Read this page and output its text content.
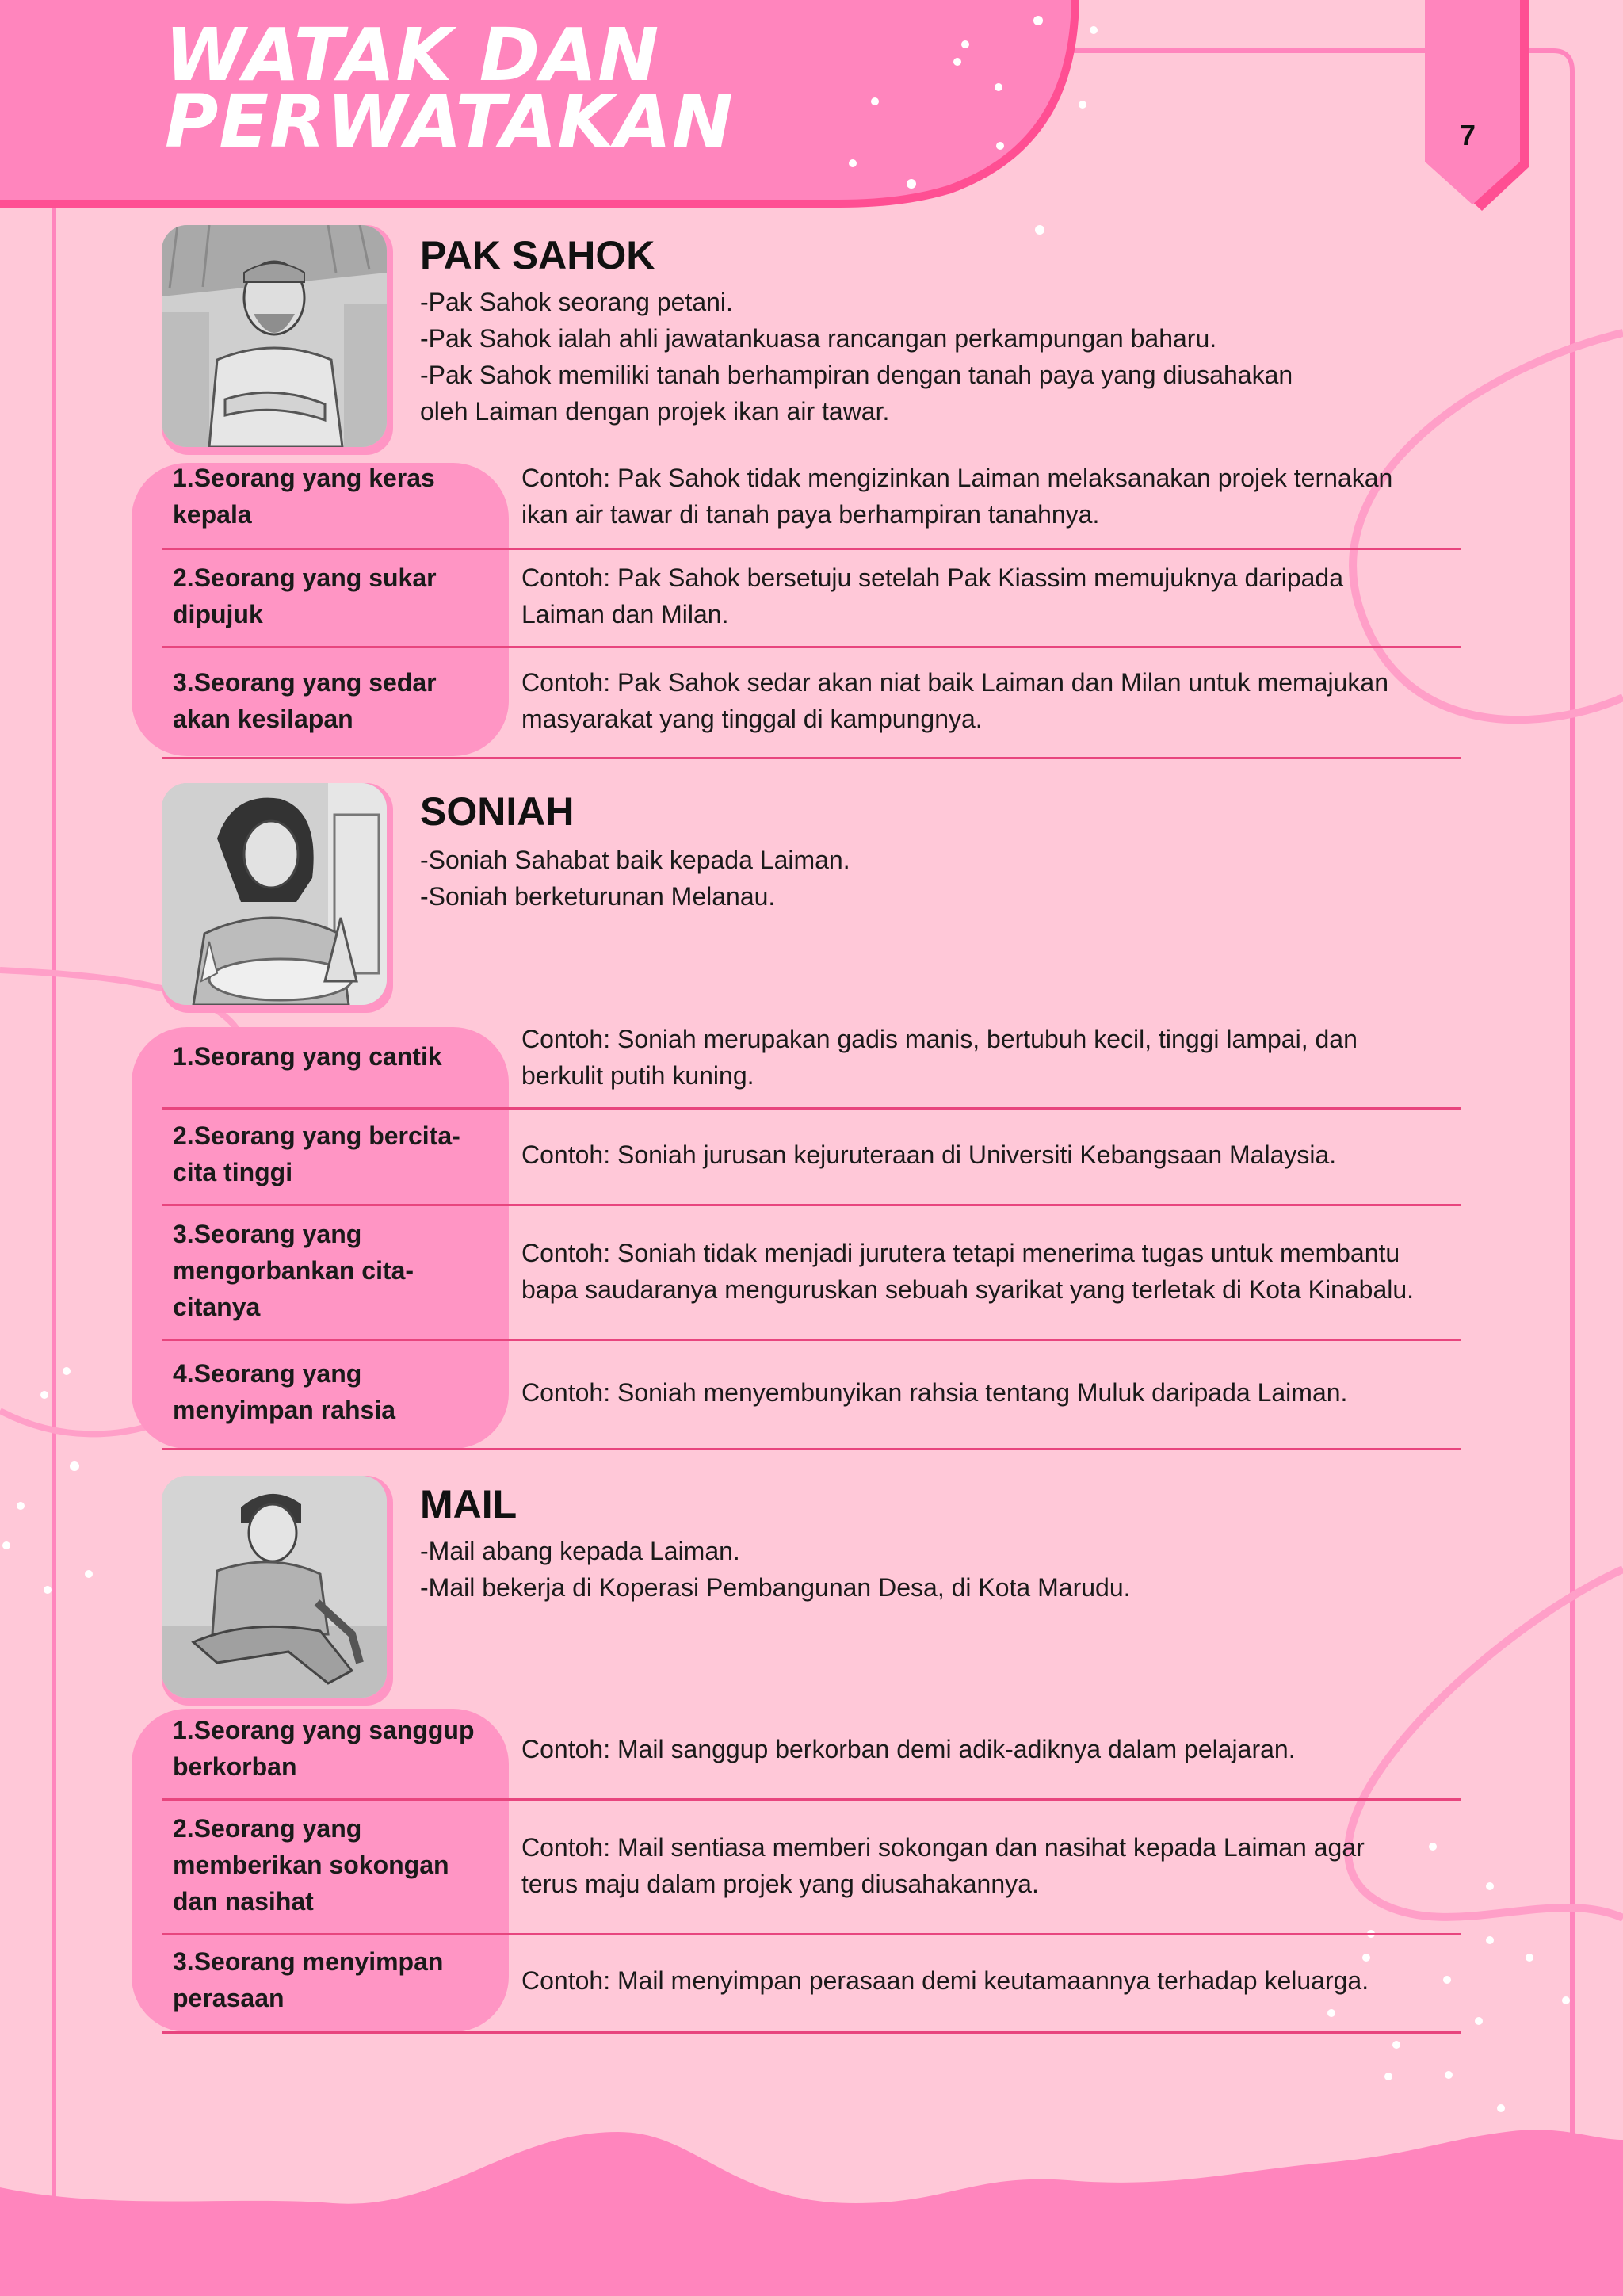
WATAK DAN
PERWATAKAN	7
PAK SAHOK
-Pak Sahok seorang petani.
-Pak Sahok ialah ahli jawatankuasa rancangan perkampungan baharu.
-Pak Sahok memiliki tanah berhampiran dengan tanah paya yang diusahakan
oleh Laiman dengan projek ikan air tawar.

1.Seorang yang keras
kepala

Contoh: Pak Sahok tidak mengizinkan Laiman melaksanakan projek ternakan
ikan air tawar di tanah paya berhampiran tanahnya.

2.Seorang yang sukar
dipujuk

Contoh: Pak Sahok bersetuju setelah Pak Kiassim memujuknya daripada
Laiman dan Milan.

3.Seorang yang sedar
akan kesilapan

Contoh: Pak Sahok sedar akan niat baik Laiman dan Milan untuk memajukan
masyarakat yang tinggal di kampungnya.

SONIAH
-Soniah Sahabat baik kepada Laiman.
-Soniah berketurunan Melanau.

1.Seorang yang cantik

Contoh: Soniah merupakan gadis manis, bertubuh kecil, tinggi lampai, dan
berkulit putih kuning.

2.Seorang yang bercita-
cita tinggi

Contoh: Soniah jurusan kejuruteraan di Universiti Kebangsaan Malaysia.

3.Seorang yang
mengorbankan cita-
citanya

Contoh: Soniah tidak menjadi jurutera tetapi menerima tugas untuk membantu
bapa saudaranya menguruskan sebuah syarikat yang terletak di Kota Kinabalu.

4.Seorang yang
menyimpan rahsia

Contoh: Soniah menyembunyikan rahsia tentang Muluk daripada Laiman.

MAIL
-Mail abang kepada Laiman.
-Mail bekerja di Koperasi Pembangunan Desa, di Kota Marudu.

1.Seorang yang sanggup
berkorban

Contoh: Mail sanggup berkorban demi adik-adiknya dalam pelajaran.

2.Seorang yang
memberikan sokongan
dan nasihat

Contoh: Mail sentiasa memberi sokongan dan nasihat kepada Laiman agar
terus maju dalam projek yang diusahakannya.

3.Seorang menyimpan
perasaan

Contoh: Mail menyimpan perasaan demi keutamaannya terhadap keluarga.
